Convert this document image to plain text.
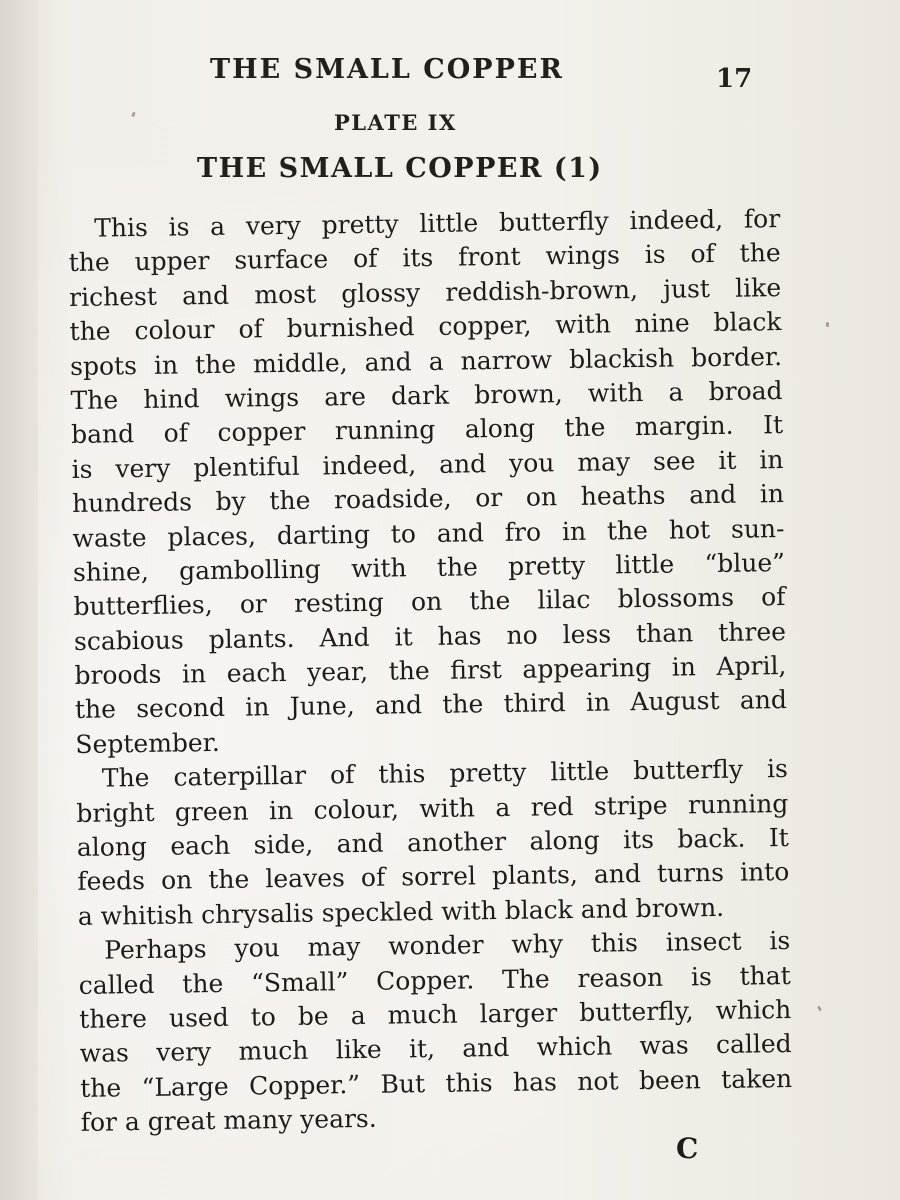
THE SMALL COPPER	17
PLATE IX
THE SMALL COPPER (1)
This is a very pretty little butterfly indeed, for
the upper surface of its front wings is of the
richest and most glossy reddish-brown, just like
the colour of burnished copper, with nine black
spots in the middle, and a narrow blackish border.
The hind wings are dark brown, with a broad
band of copper running along the margin. It
is very plentiful indeed, and you may see it in
hundreds by the roadside, or on heaths and in
waste places, darting to and fro in the hot sun-
shine, gambolling with the pretty little “blue”
butterflies, or resting on the lilac blossoms of
scabious plants. And it has no less than three
broods in each year, the first appearing in April,
the second in June, and the third in August and
September.
The caterpillar of this pretty little butterfly is
bright green in colour, with a red stripe running
along each side, and another along its back. It
feeds on the leaves of sorrel plants, and turns into
a whitish chrysalis speckled with black and brown.
Perhaps you may wonder why this insect is
called the “Small” Copper. The reason is that
there used to be a much larger butterfly, which
was very much like it, and which was called
the “Large Copper.” But this has not been taken
for a great many years.
C
